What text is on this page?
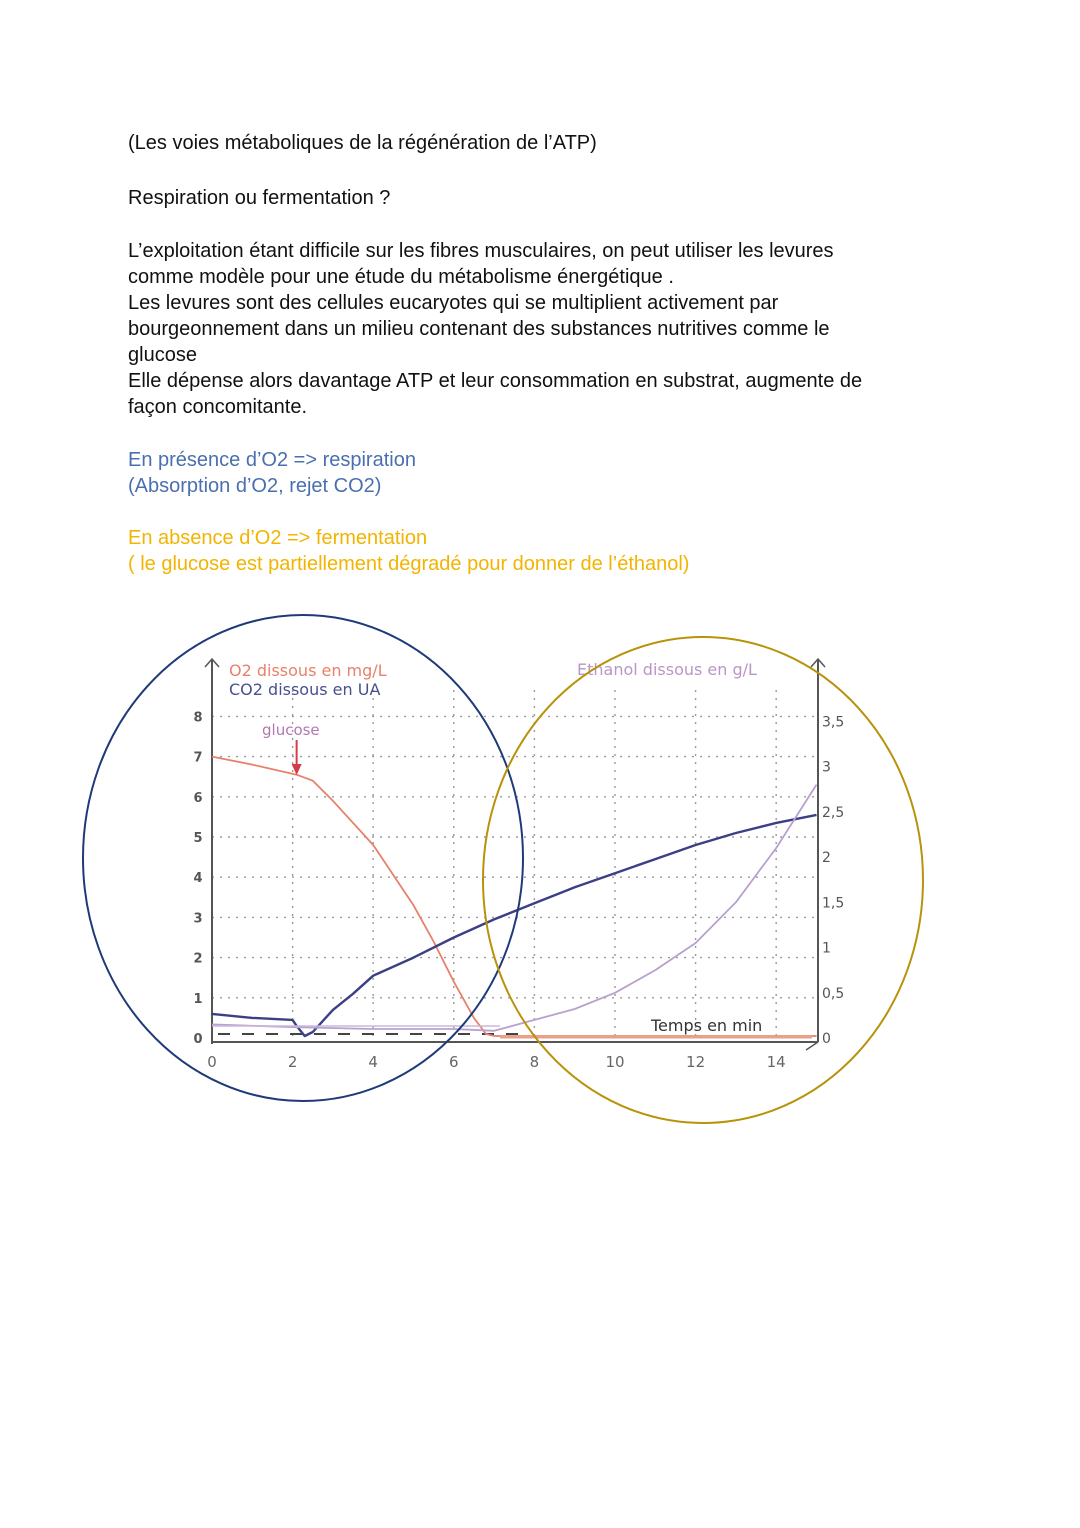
(Les voies métaboliques de la régénération de l’ATP)

Respiration ou fermentation ?

L’exploitation étant difficile sur les fibres musculaires, on peut utiliser les levures

comme modèle pour une étude du métabolisme énergétique .

Les levures sont des cellules eucaryotes qui se multiplient activement par

bourgeonnement dans un milieu contenant des substances nutritives comme le

glucose

Elle dépense alors davantage ATP et leur consommation en substrat, augmente de

façon concomitante.

En présence d’O2 => respiration

(Absorption d’O2, rejet CO2)

En absence d’O2 => fermentation

( le glucose est partiellement dégradé pour donner de l’éthanol)

0	2	4	6	8	10	12	14
0
1
2
3
4
5
6
7
8
0
0,5
1
1,5
2
2,5
3
3,5
O2 dissous en mg/L
CO2 dissous en UA
Ethanol dissous en g/L
glucose
Temps en min
